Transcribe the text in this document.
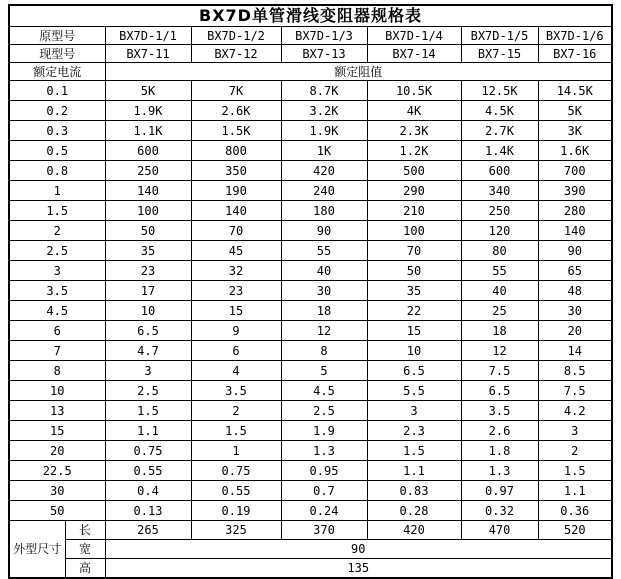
BX7D单管滑线变阻器规格表							
原型号		BX7D-1/1	BX7D-1/2	BX7D-1/3	BX7D-1/4	BX7D-1/5	BX7D-1/6
现型号		BX7-11	BX7-12	BX7-13	BX7-14	BX7-15	BX7-16
额定电流		额定阻值					
0.1		5K	7K	8.7K	10.5K	12.5K	14.5K
0.2		1.9K	2.6K	3.2K	4K	4.5K	5K
0.3		1.1K	1.5K	1.9K	2.3K	2.7K	3K
0.5		600	800	1K	1.2K	1.4K	1.6K
0.8		250	350	420	500	600	700
1		140	190	240	290	340	390
1.5		100	140	180	210	250	280
2		50	70	90	100	120	140
2.5		35	45	55	70	80	90
3		23	32	40	50	55	65
3.5		17	23	30	35	40	48
4.5		10	15	18	22	25	30
6		6.5	9	12	15	18	20
7		4.7	6	8	10	12	14
8		3	4	5	6.5	7.5	8.5
10		2.5	3.5	4.5	5.5	6.5	7.5
13		1.5	2	2.5	3	3.5	4.2
15		1.1	1.5	1.9	2.3	2.6	3
20		0.75	1	1.3	1.5	1.8	2
22.5		0.55	0.75	0.95	1.1	1.3	1.5
30		0.4	0.55	0.7	0.83	0.97	1.1
50		0.13	0.19	0.24	0.28	0.32	0.36
外型尺寸	长	265	325	370	420	470	520
	宽	90					
	高	135					
